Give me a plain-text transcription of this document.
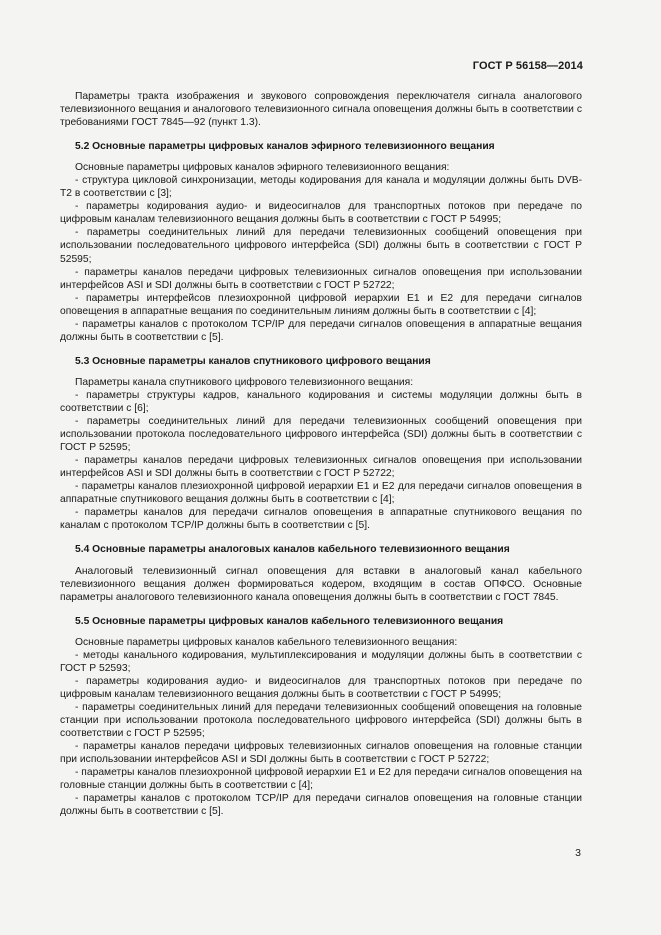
ГОСТ Р 56158—2014

Параметры тракта изображения и звукового сопровождения переключателя сигнала аналогового телевизионного вещания и аналогового телевизионного сигнала оповещения должны быть в соответствии с требованиями ГОСТ 7845—92 (пункт 1.3).

5.2 Основные параметры цифровых каналов эфирного телевизионного вещания

Основные параметры цифровых каналов эфирного телевизионного вещания:

- структура цикловой синхронизации, методы кодирования для канала и модуляции должны быть DVB-T2 в соответствии с [3];

- параметры кодирования аудио- и видеосигналов для транспортных потоков при передаче по цифровым каналам телевизионного вещания должны быть в соответствии с ГОСТ Р 54995;

- параметры соединительных линий для передачи телевизионных сообщений оповещения при использовании последовательного цифрового интерфейса (SDI) должны быть в соответствии с ГОСТ Р 52595;

- параметры каналов передачи цифровых телевизионных сигналов оповещения при использовании интерфейсов ASI и SDI должны быть в соответствии с ГОСТ Р 52722;

- параметры интерфейсов плезиохронной цифровой иерархии Е1 и Е2 для передачи сигналов оповещения в аппаратные вещания по соединительным линиям должны быть в соответствии с [4];

- параметры каналов с протоколом TCP/IP для передачи сигналов оповещения в аппаратные вещания должны быть в соответствии с [5].

5.3 Основные параметры каналов спутникового цифрового вещания

Параметры канала спутникового цифрового телевизионного вещания:

- параметры структуры кадров, канального кодирования и системы модуляции должны быть в соответствии с [6];

- параметры соединительных линий для передачи телевизионных сообщений оповещения при использовании протокола последовательного цифрового интерфейса (SDI) должны быть в соответствии с ГОСТ Р 52595;

- параметры каналов передачи цифровых телевизионных сигналов оповещения при использовании интерфейсов ASI и SDI должны быть в соответствии с ГОСТ Р 52722;

- параметры каналов плезиохронной цифровой иерархии Е1 и Е2 для передачи сигналов оповещения в аппаратные спутникового вещания должны быть в соответствии с [4];

- параметры каналов для передачи сигналов оповещения в аппаратные спутникового вещания по каналам с протоколом TCP/IP должны быть в соответствии с [5].

5.4 Основные параметры аналоговых каналов кабельного телевизионного вещания

Аналоговый телевизионный сигнал оповещения для вставки в аналоговый канал кабельного телевизионного вещания должен формироваться кодером, входящим в состав ОПФСО. Основные параметры аналогового телевизионного канала оповещения должны быть в соответствии с ГОСТ 7845.

5.5 Основные параметры цифровых каналов кабельного телевизионного вещания

Основные параметры цифровых каналов кабельного телевизионного вещания:

- методы канального кодирования, мультиплексирования и модуляции должны быть в соответствии с ГОСТ Р 52593;

- параметры кодирования аудио- и видеосигналов для транспортных потоков при передаче по цифровым каналам телевизионного вещания должны быть в соответствии с ГОСТ Р 54995;

- параметры соединительных линий для передачи телевизионных сообщений оповещения на головные станции при использовании протокола последовательного цифрового интерфейса (SDI) должны быть в соответствии с ГОСТ Р 52595;

- параметры каналов передачи цифровых телевизионных сигналов оповещения на головные станции при использовании интерфейсов ASI и SDI должны быть в соответствии с ГОСТ Р 52722;

- параметры каналов плезиохронной цифровой иерархии Е1 и Е2 для передачи сигналов оповещения на головные станции должны быть в соответствии с [4];

- параметры каналов с протоколом TCP/IP для передачи сигналов оповещения на головные станции должны быть в соответствии с [5].

3
